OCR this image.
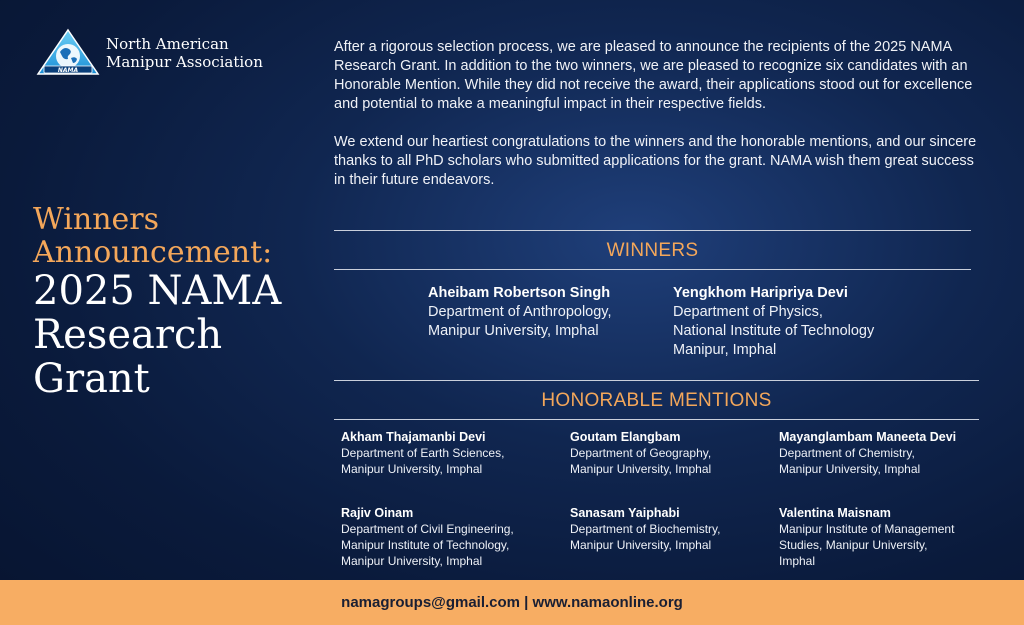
NAMA
North American
Manipur Association
Winners
Announcement:
2025 NAMA
Research
Grant

After a rigorous selection process, we are pleased to announce the recipients of the 2025 NAMA Research Grant. In addition to the two winners, we are pleased to recognize six candidates with an Honorable Mention. While they did not receive the award, their applications stood out for excellence and potential to make a meaningful impact in their respective fields.

We extend our heartiest congratulations to the winners and the honorable mentions, and our sincere thanks to all PhD scholars who submitted applications for the grant. NAMA wish them great success in their future endeavors.

WINNERS
Aheibam Robertson Singh
Department of Anthropology,
Manipur University, Imphal
Yengkhom Haripriya Devi
Department of Physics,
National Institute of Technology
Manipur, Imphal
HONORABLE MENTIONS
Akham Thajamanbi Devi
Department of Earth Sciences,
Manipur University, Imphal
Goutam Elangbam
Department of Geography,
Manipur University, Imphal
Mayanglambam Maneeta Devi
Department of Chemistry,
Manipur University, Imphal
Rajiv Oinam
Department of Civil Engineering,
Manipur Institute of Technology,
Manipur University, Imphal
Sanasam Yaiphabi
Department of Biochemistry,
Manipur University, Imphal
Valentina Maisnam
Manipur Institute of Management
Studies, Manipur University,
Imphal
namagroups@gmail.com | www.namaonline.org
